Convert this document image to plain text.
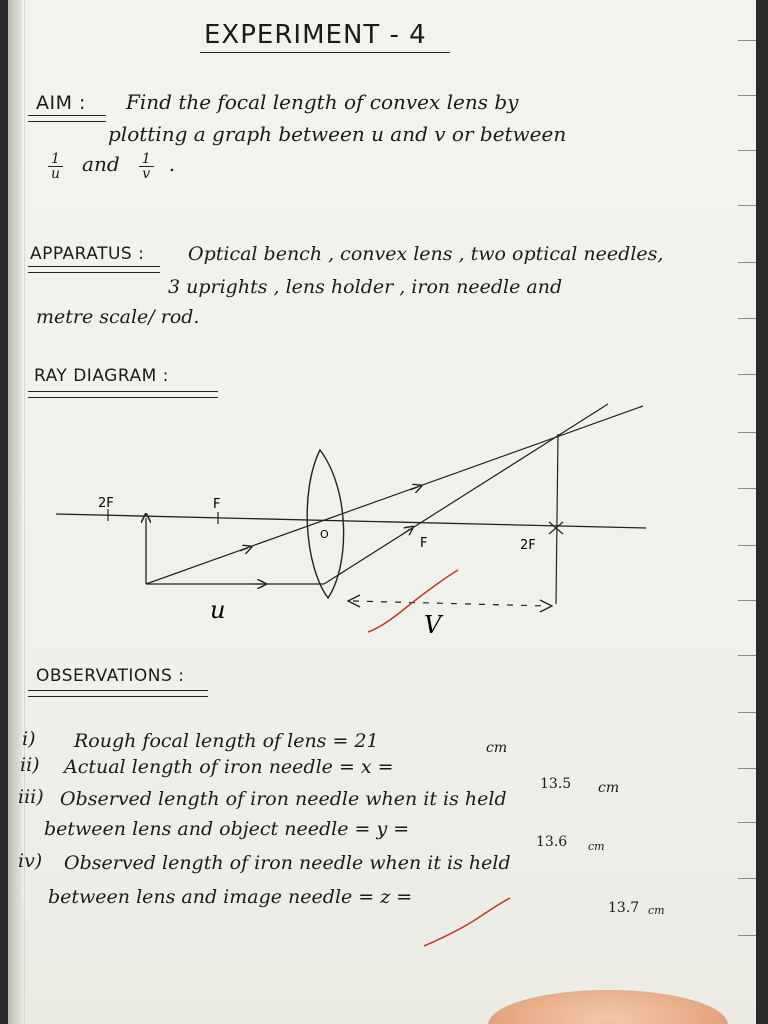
EXPERIMENT - 4
AIM : Find the focal length of convex lens by
plotting a graph between u and v or between
$\frac{1}{u}$ and $\frac{1}{v}$ .
APPARATUS : Optical bench , convex lens , two optical needles,
3 uprights , lens holder , iron needle and
metre scale/ rod.
RAY DIAGRAM :
2F	F
O
F	2F
u
V
OBSERVATIONS :
i) Rough focal length of lens = 21	cm
ii) Actual length of iron needle = x =
13.5 cm
iii) Observed length of iron needle when it is held
between lens and object needle = y =
13.6 cm
iv) Observed length of iron needle when it is held
between lens and image needle = z =	13.7 cm
